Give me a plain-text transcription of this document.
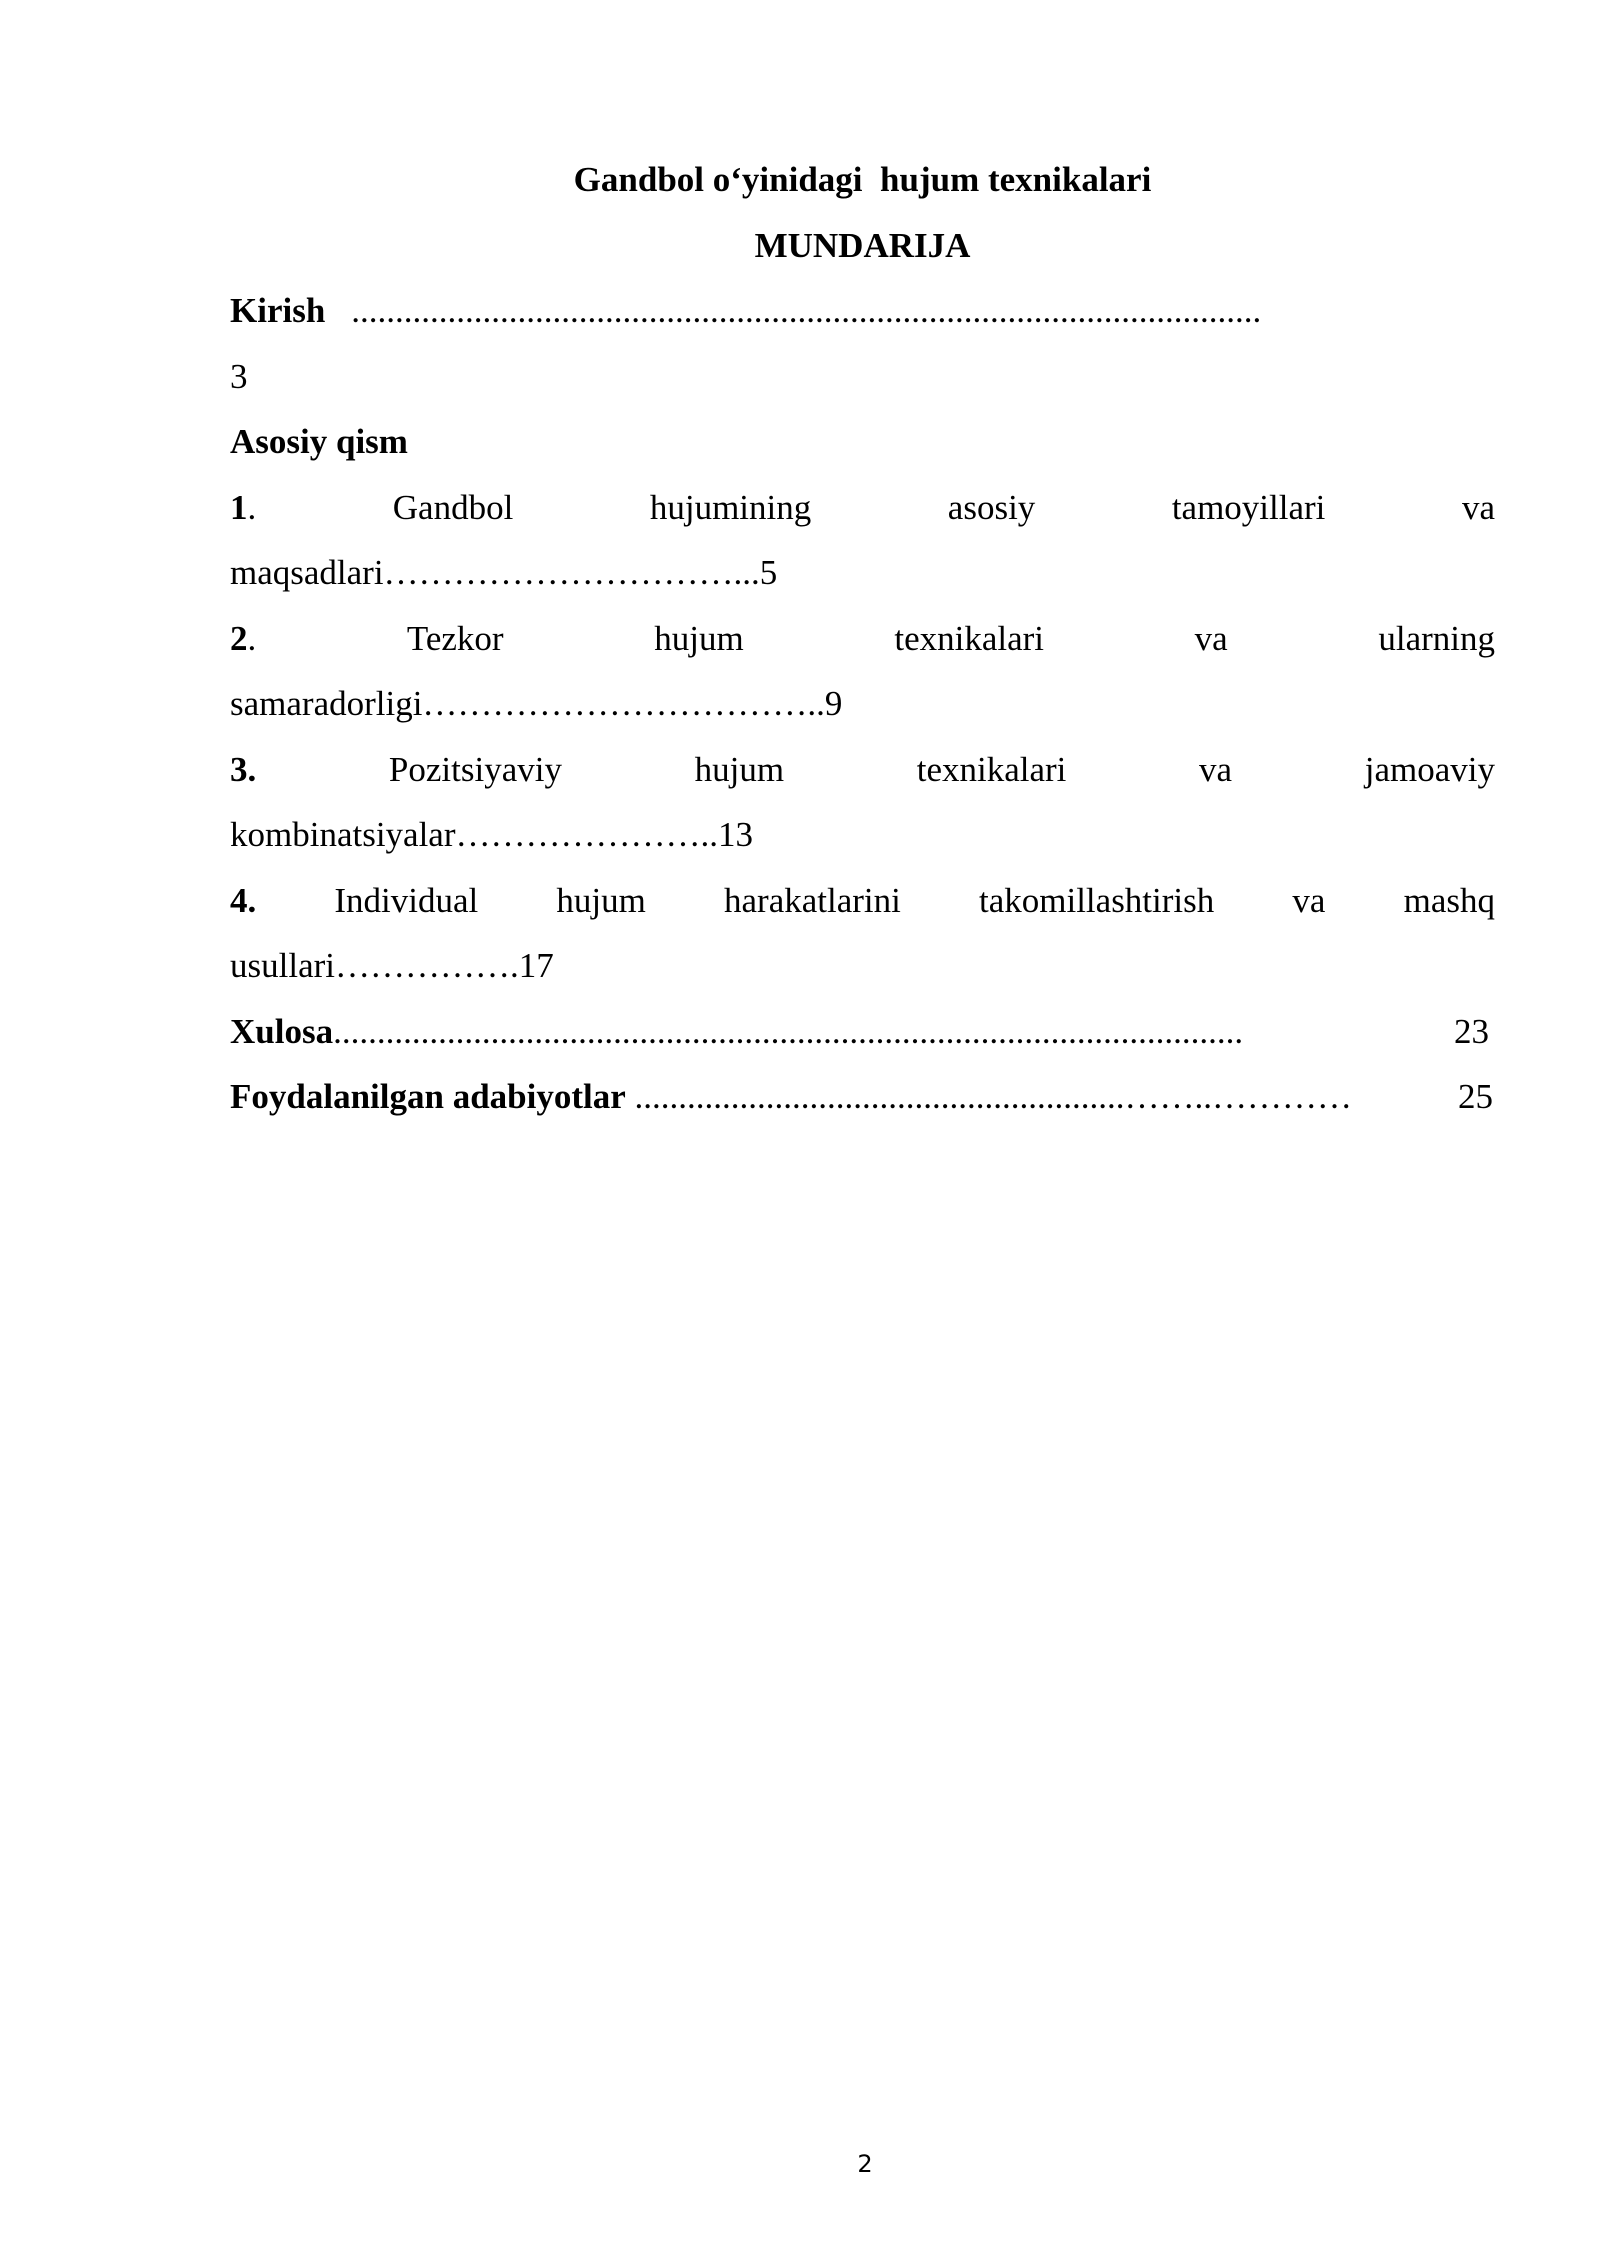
Gandbol o‘yinidagi  hujum texnikalari
MUNDARIJA
Kirish ........................................................................................................
3
Asosiy qism
1.	Gandbol	hujumining	asosiy	tamoyillari	va
maqsadlari…………………………...5
2.	Tezkor	hujum	texnikalari	va	ularning
samaradorligi……………………………..9
3.	Pozitsiyaviy	hujum	texnikalari	va	jamoaviy
kombinatsiyalar…………………..13
4. Individual hujum harakatlarini takomillashtirish va mashq
usullari…………….17
Xulosa ........................................................................................................	23
Foydalanilgan adabiyotlar ........................................................……..…………	25
2
